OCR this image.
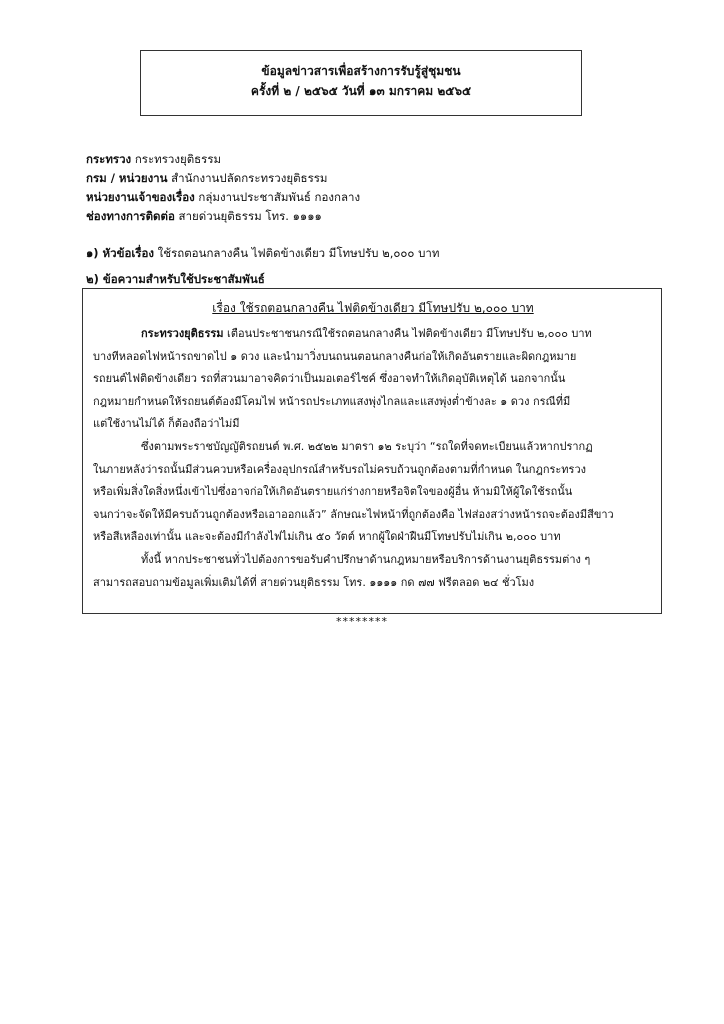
ข้อมูลข่าวสารเพื่อสร้างการรับรู้สู่ชุมชน
ครั้งที่ ๒ / ๒๕๖๕ วันที่ ๑๓ มกราคม ๒๕๖๕
กระทรวง กระทรวงยุติธรรม
กรม / หน่วยงาน สำนักงานปลัดกระทรวงยุติธรรม
หน่วยงานเจ้าของเรื่อง กลุ่มงานประชาสัมพันธ์ กองกลาง
ช่องทางการติดต่อ สายด่วนยุติธรรม โทร. ๑๑๑๑
๑) หัวข้อเรื่อง ใช้รถตอนกลางคืน ไฟติดข้างเดียว มีโทษปรับ ๒,๐๐๐ บาท
๒) ข้อความสำหรับใช้ประชาสัมพันธ์
เรื่อง ใช้รถตอนกลางคืน ไฟติดข้างเดียว มีโทษปรับ ๒,๐๐๐ บาท
กระทรวงยุติธรรม เตือนประชาชนกรณีใช้รถตอนกลางคืน ไฟติดข้างเดียว มีโทษปรับ ๒,๐๐๐ บาท
บางทีหลอดไฟหน้ารถขาดไป ๑ ดวง และนำมาวิ่งบนถนนตอนกลางคืนก่อให้เกิดอันตรายและผิดกฎหมาย
รถยนต์ไฟติดข้างเดียว รถที่สวนมาอาจคิดว่าเป็นมอเตอร์ไซค์ ซึ่งอาจทำให้เกิดอุบัติเหตุได้ นอกจากนั้น
กฎหมายกำหนดให้รถยนต์ต้องมีโคมไฟ หน้ารถประเภทแสงพุ่งไกลและแสงพุ่งต่ำข้างละ ๑ ดวง กรณีที่มี
แต่ใช้งานไม่ได้ ก็ต้องถือว่าไม่มี
ซึ่งตามพระราชบัญญัติรถยนต์ พ.ศ. ๒๕๒๒ มาตรา ๑๒ ระบุว่า “รถใดที่จดทะเบียนแล้วหากปรากฏ
ในภายหลังว่ารถนั้นมีส่วนควบหรือเครื่องอุปกรณ์สำหรับรถไม่ครบถ้วนถูกต้องตามที่กำหนด ในกฎกระทรวง
หรือเพิ่มสิ่งใดสิ่งหนึ่งเข้าไปซึ่งอาจก่อให้เกิดอันตรายแก่ร่างกายหรือจิตใจของผู้อื่น ห้ามมิให้ผู้ใดใช้รถนั้น
จนกว่าจะจัดให้มีครบถ้วนถูกต้องหรือเอาออกแล้ว” ลักษณะไฟหน้าที่ถูกต้องคือ ไฟส่องสว่างหน้ารถจะต้องมีสีขาว
หรือสีเหลืองเท่านั้น และจะต้องมีกำลังไฟไม่เกิน ๕๐ วัตต์ หากผู้ใดฝ่าฝืนมีโทษปรับไม่เกิน ๒,๐๐๐ บาท
ทั้งนี้ หากประชาชนทั่วไปต้องการขอรับคำปรึกษาด้านกฎหมายหรือบริการด้านงานยุติธรรมต่าง ๆ
สามารถสอบถามข้อมูลเพิ่มเติมได้ที่ สายด่วนยุติธรรม โทร. ๑๑๑๑ กด ๗๗ ฟรีตลอด ๒๔ ชั่วโมง
********
